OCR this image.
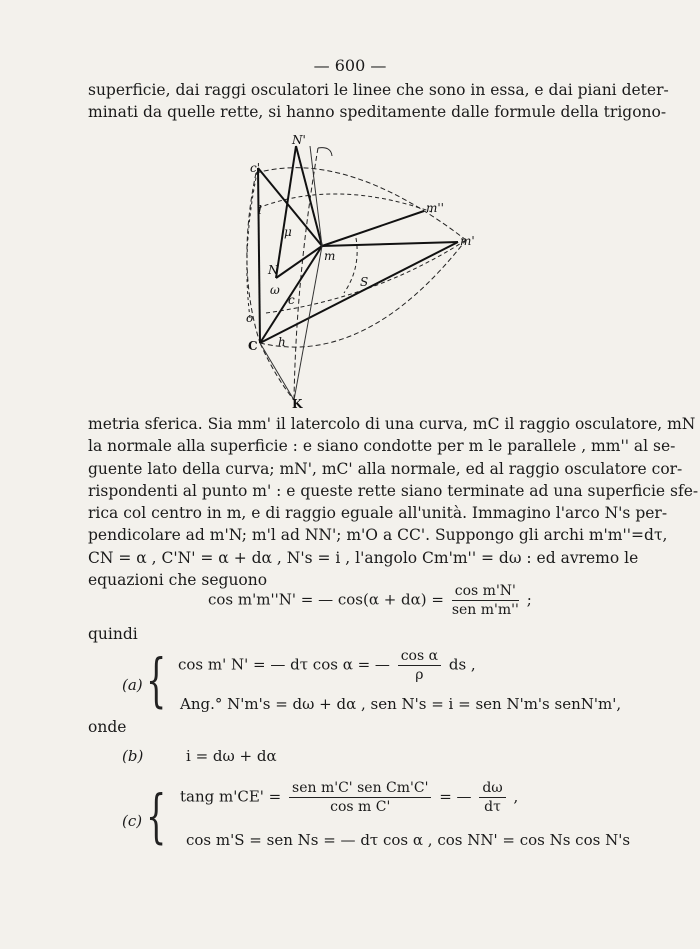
— 600 —
superficie, dai raggi osculatori le linee che sono in essa, e dai piani deter-
minati da quelle rette, si hanno speditamente dalle formule della trigono-
N'
c'
m''
m'
l
μ
m
N
ω
S
c
o
C h
K
metria sferica. Sia mm' il latercolo di una curva, mC il raggio osculatore, mN
la normale alla superficie : e siano condotte per m le parallele , mm'' al se-
guente lato della curva; mN', mC' alla normale, ed al raggio osculatore cor-
rispondenti al punto m' : e queste rette siano terminate ad una superficie sfe-
rica col centro in m, e di raggio eguale all'unità. Immagino l'arco N's per-
pendicolare ad m'N; m'l ad NN'; m'O a CC'. Suppongo gli archi m'm''=dτ,
CN = α , C'N' = α + dα , N's = i , l'angolo Cm'm'' = dω : ed avremo le
equazioni che seguono
cos m'm''N' = — $\cos(\alpha + d\alpha) = \frac{\text{cos m'N'}}{\text{sen m'm''}}$ ;
quindi
(a) { cos m' N' = — dτ cos α = — $\frac{\text{cos α}}{\rho}$ ds ,
Ang.° N'm's = dω + dα , sen N's = i = sen N'm's senN'm',
onde
(b)	i = dω + dα
(c) { tang $m'CE' = \frac{\text{sen m'C' sen Cm'C'}}{\text{cos m C'}}$ = — $\frac{d\omega}{d\tau}$ ,
cos m'S = sen Ns = — dτ cos α , cos NN' = cos Ns cos N's
